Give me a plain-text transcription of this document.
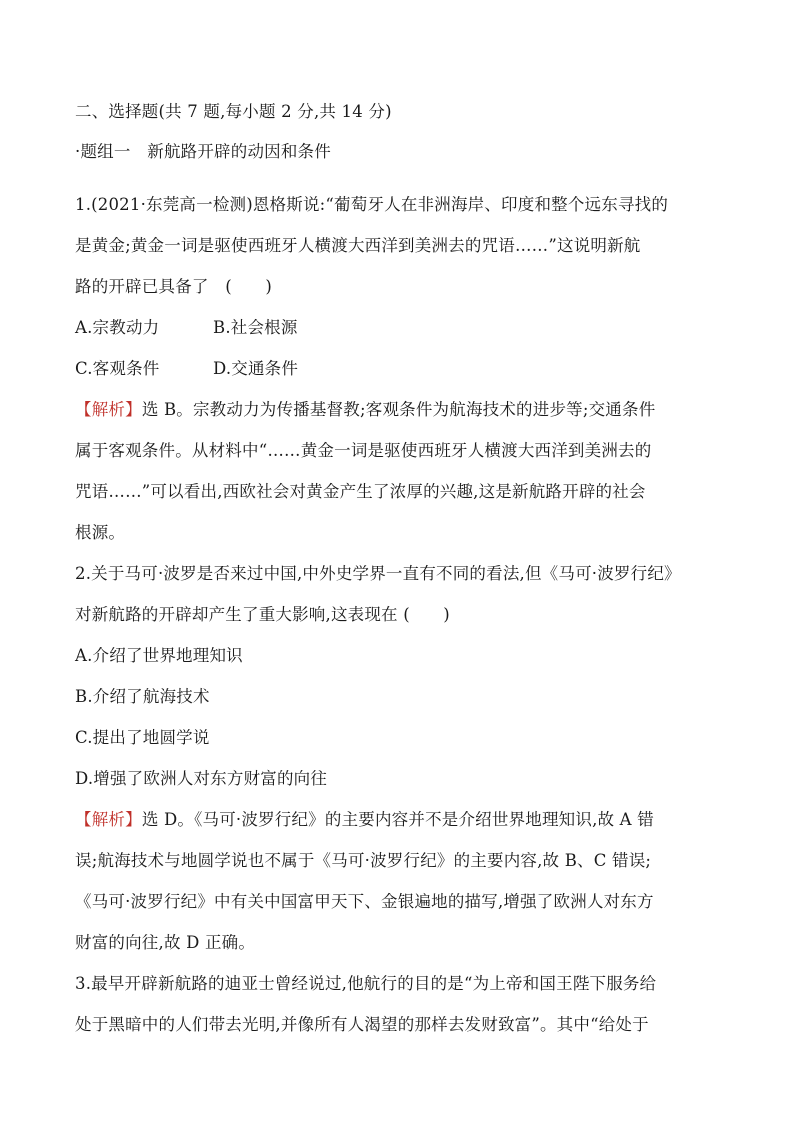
二、选择题(共 7 题,每小题 2 分,共 14 分)
·题组一　新航路开辟的动因和条件
1.(2021·东莞高一检测)恩格斯说:“葡萄牙人在非洲海岸、印度和整个远东寻找的
是黄金;黄金一词是驱使西班牙人横渡大西洋到美洲去的咒语……”这说明新航
路的开辟已具备了　(　　)
A.宗教动力	B.社会根源
C.客观条件	D.交通条件
【解析】选 B。宗教动力为传播基督教;客观条件为航海技术的进步等;交通条件
属于客观条件。从材料中“……黄金一词是驱使西班牙人横渡大西洋到美洲去的
咒语……”可以看出,西欧社会对黄金产生了浓厚的兴趣,这是新航路开辟的社会
根源。
2.关于马可·波罗是否来过中国,中外史学界一直有不同的看法,但《马可·波罗行纪》
对新航路的开辟却产生了重大影响,这表现在 (　　)
A.介绍了世界地理知识
B.介绍了航海技术
C.提出了地圆学说
D.增强了欧洲人对东方财富的向往
【解析】选 D。《马可·波罗行纪》的主要内容并不是介绍世界地理知识,故 A 错
误;航海技术与地圆学说也不属于《马可·波罗行纪》的主要内容,故 B、C 错误;
《马可·波罗行纪》中有关中国富甲天下、金银遍地的描写,增强了欧洲人对东方
财富的向往,故 D 正确。
3.最早开辟新航路的迪亚士曾经说过,他航行的目的是“为上帝和国王陛下服务给
处于黑暗中的人们带去光明,并像所有人渴望的那样去发财致富”。其中“给处于
